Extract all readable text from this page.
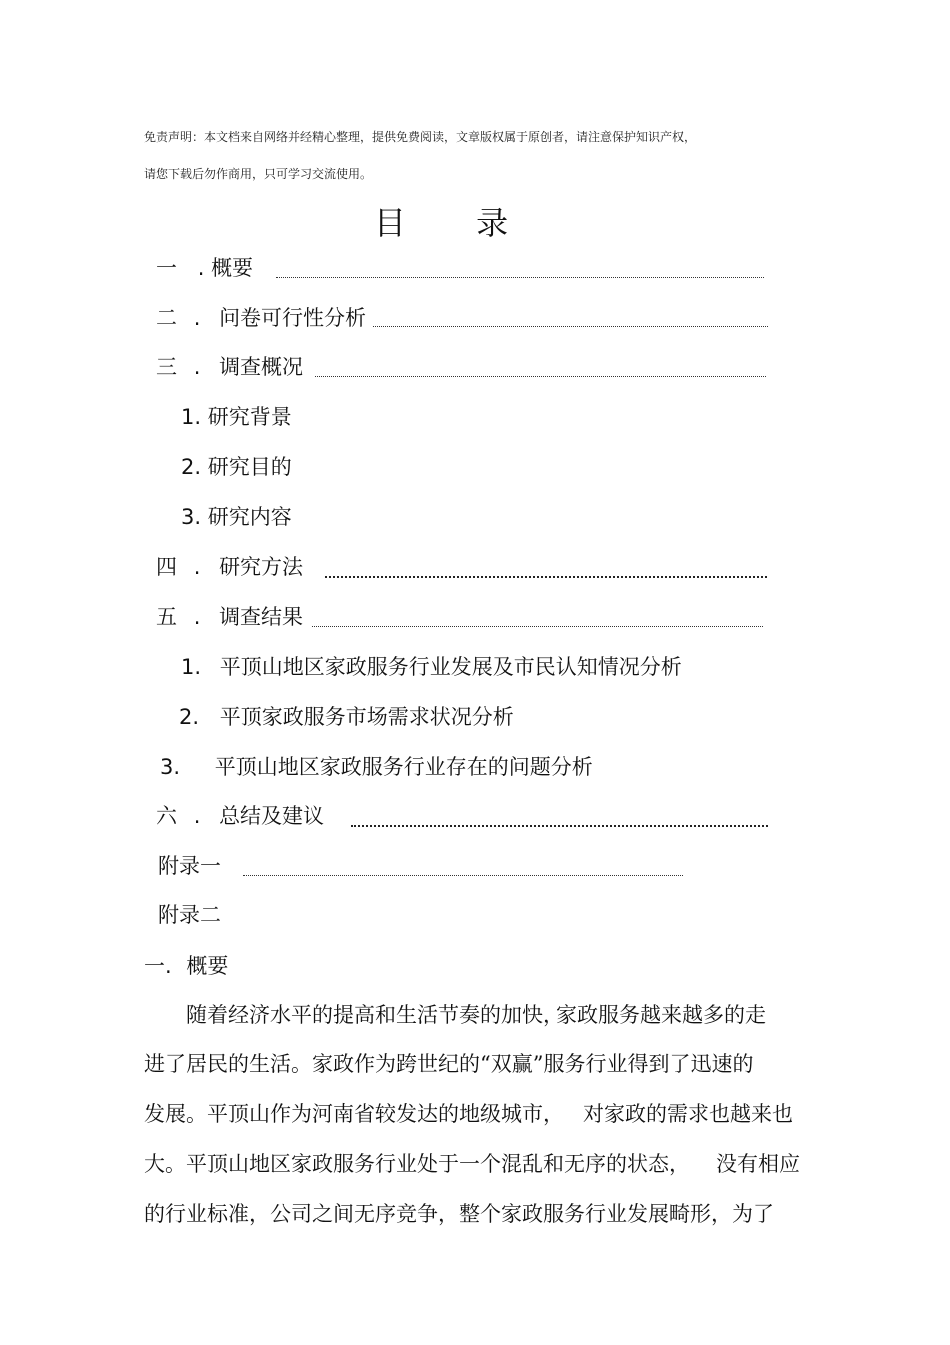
免责声明：本文档来自网络并经精心整理，提供免费阅读，文章版权属于原创者，请注意保护知识产权，
请您下载后勿作商用，只可学习交流使用。
目 录
一 . 概要
二 . 问卷可行性分析
三 . 调查概况
1. 研究背景
2. 研究目的
3. 研究内容
四 . 研究方法
五 . 调查结果
1. 平顶山地区家政服务行业发展及市民认知情况分析
2. 平顶家政服务市场需求状况分析
3. 平顶山地区家政服务行业存在的问题分析
六 . 总结及建议
附录一
附录二
一. 概要
随着经济水平的提高和生活节奏的加快，
家政服务越来越多的走
进了居民的生活。家政作为跨世纪的“双赢”服务行业得到了迅速的
发展。平顶山作为河南省较发达的地级城市， 对家政的需求也越来也
大。平顶山地区家政服务行业处于一个混乱和无序的状态， 没有相应
的行业标准，公司之间无序竞争，整个家政服务行业发展畸形，为了
